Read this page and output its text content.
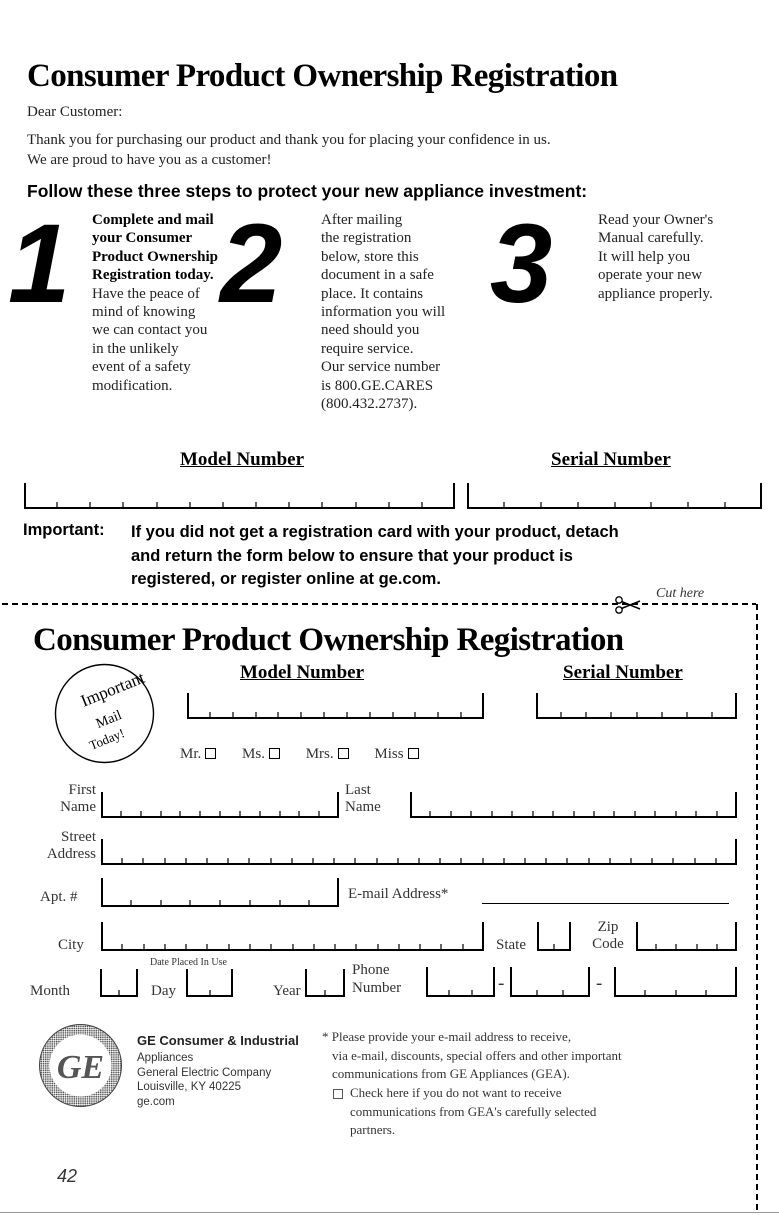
Consumer Product Ownership Registration
Dear Customer:
Thank you for purchasing our product and thank you for placing your confidence in us.
We are proud to have you as a customer!
Follow these three steps to protect your new appliance investment:
1 2 3
Complete and mail
your Consumer
Product Ownership
Registration today.
Have the peace of
mind of knowing
we can contact you
in the unlikely
event of a safety
modification.
After mailing
the registration
below, store this
document in a safe
place. It contains
information you will
need should you
require service.
Our service number
is 800.GE.CARES
(800.432.2737).
Read your Owner's
Manual carefully.
It will help you
operate your new
appliance properly.
Model Number	Serial Number
Important: If you did not get a registration card with your product, detach
and return the form below to ensure that your product is
registered, or register online at ge.com.
Cut here
Consumer Product Ownership Registration
Important
Mail
Today!
Model Number	Serial Number
Mr.	Ms.	Mrs.	Miss
First
Name
Last
Name
Street
Address
Apt. #	E-mail Address*
City	State
Zip
Code
Date Placed In Use
Month	Day	Year
Phone
Number	-	-
GE
GE Consumer & Industrial
Appliances
General Electric Company
Louisville, KY 40225
ge.com
* Please provide your e-mail address to receive,
via e-mail, discounts, special offers and other important
communications from GE Appliances (GEA).
Check here if you do not want to receive
communications from GEA's carefully selected
partners.
42
